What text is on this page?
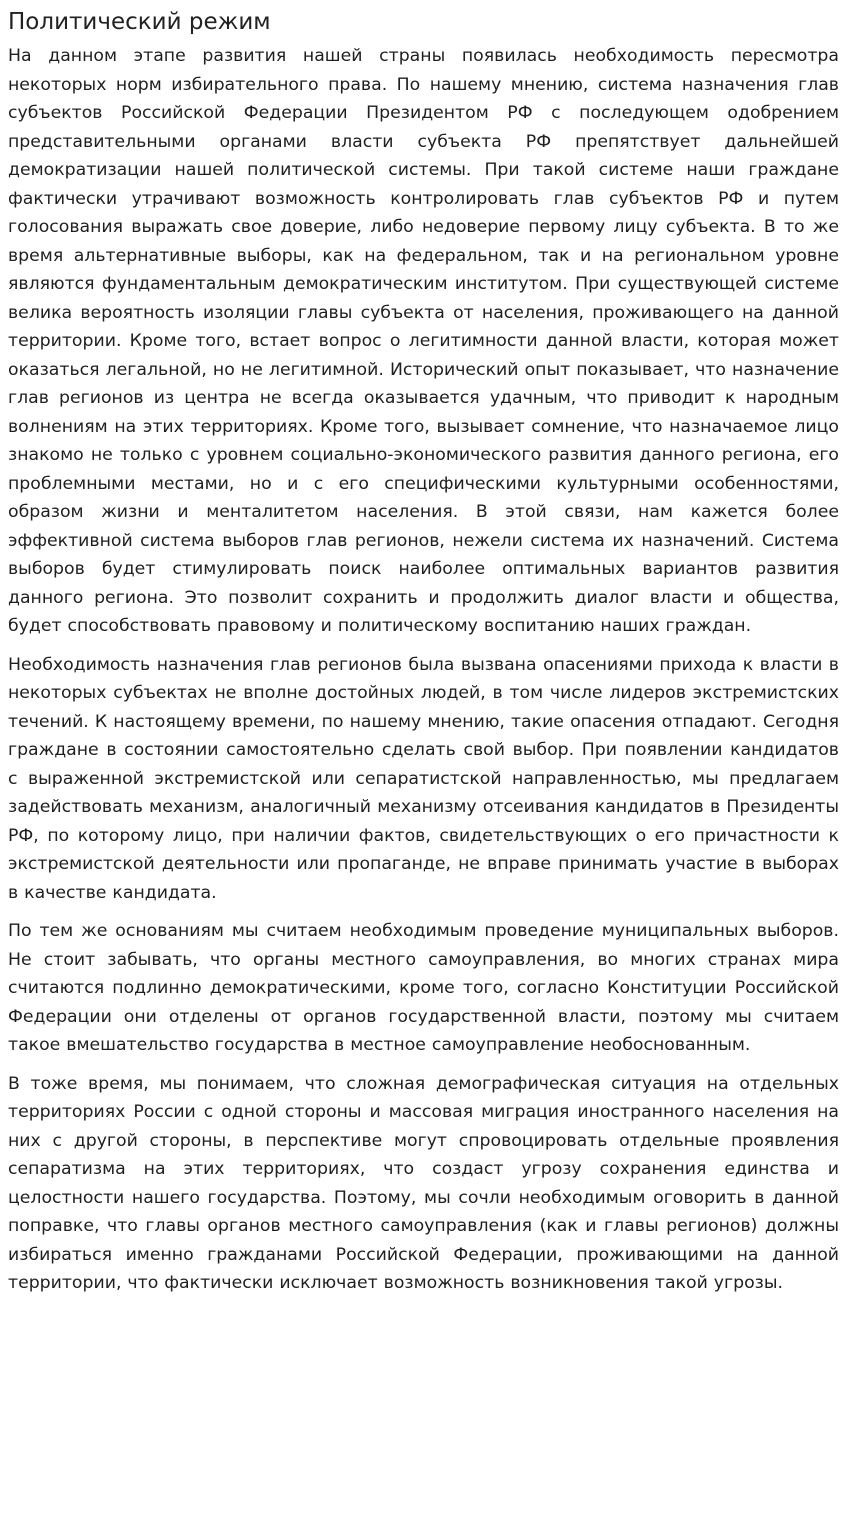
Политический режим

На данном этапе развития нашей страны появилась необходимость пересмотра некоторых норм избирательного права. По нашему мнению, система назначения глав субъектов Российской Федерации Президентом РФ с последующем одобрением представительными органами власти субъекта РФ препятствует дальнейшей демократизации нашей политической системы. При такой системе наши граждане фактически утрачивают возможность контролировать глав субъектов РФ и путем голосования выражать свое доверие, либо недоверие первому лицу субъекта. В то же время альтернативные выборы, как на федеральном, так и на региональном уровне являются фундаментальным демократическим институтом. При существующей системе велика вероятность изоляции главы субъекта от населения, проживающего на данной территории. Кроме того, встает вопрос о легитимности данной власти, которая может оказаться легальной, но не легитимной. Исторический опыт показывает, что назначение глав регионов из центра не всегда оказывается удачным, что приводит к народным волнениям на этих территориях. Кроме того, вызывает сомнение, что назначаемое лицо знакомо не только с уровнем социально-экономического развития данного региона, его проблемными местами, но и с его специфическими культурными особенностями, образом жизни и менталитетом населения. В этой связи, нам кажется более эффективной система выборов глав регионов, нежели система их назначений. Система выборов будет стимулировать поиск наиболее оптимальных вариантов развития данного региона. Это позволит сохранить и продолжить диалог власти и общества, будет способствовать правовому и политическому воспитанию наших граждан.

Необходимость назначения глав регионов была вызвана опасениями прихода к власти в некоторых субъектах не вполне достойных людей, в том числе лидеров экстремистских течений. К настоящему времени, по нашему мнению, такие опасения отпадают. Сегодня граждане в состоянии самостоятельно сделать свой выбор. При появлении кандидатов с выраженной экстремистской или сепаратистской направленностью, мы предлагаем задействовать механизм, аналогичный механизму отсеивания кандидатов в Президенты РФ, по которому лицо, при наличии фактов, свидетельствующих о его причастности к экстремистской деятельности или пропаганде, не вправе принимать участие в выборах в качестве кандидата.

По тем же основаниям мы считаем необходимым проведение муниципальных выборов. Не стоит забывать, что органы местного самоуправления, во многих странах мира считаются подлинно демократическими, кроме того, согласно Конституции Российской Федерации они отделены от органов государственной власти, поэтому мы считаем такое вмешательство государства в местное самоуправление необоснованным.

В тоже время, мы понимаем, что сложная демографическая ситуация на отдельных территориях России с одной стороны и массовая миграция иностранного населения на них с другой стороны, в перспективе могут спровоцировать отдельные проявления сепаратизма на этих территориях, что создаст угрозу сохранения единства и целостности нашего государства. Поэтому, мы сочли необходимым оговорить в данной поправке, что главы органов местного самоуправления (как и главы регионов) должны избираться именно гражданами Российской Федерации, проживающими на данной территории, что фактически исключает возможность возникновения такой угрозы.
